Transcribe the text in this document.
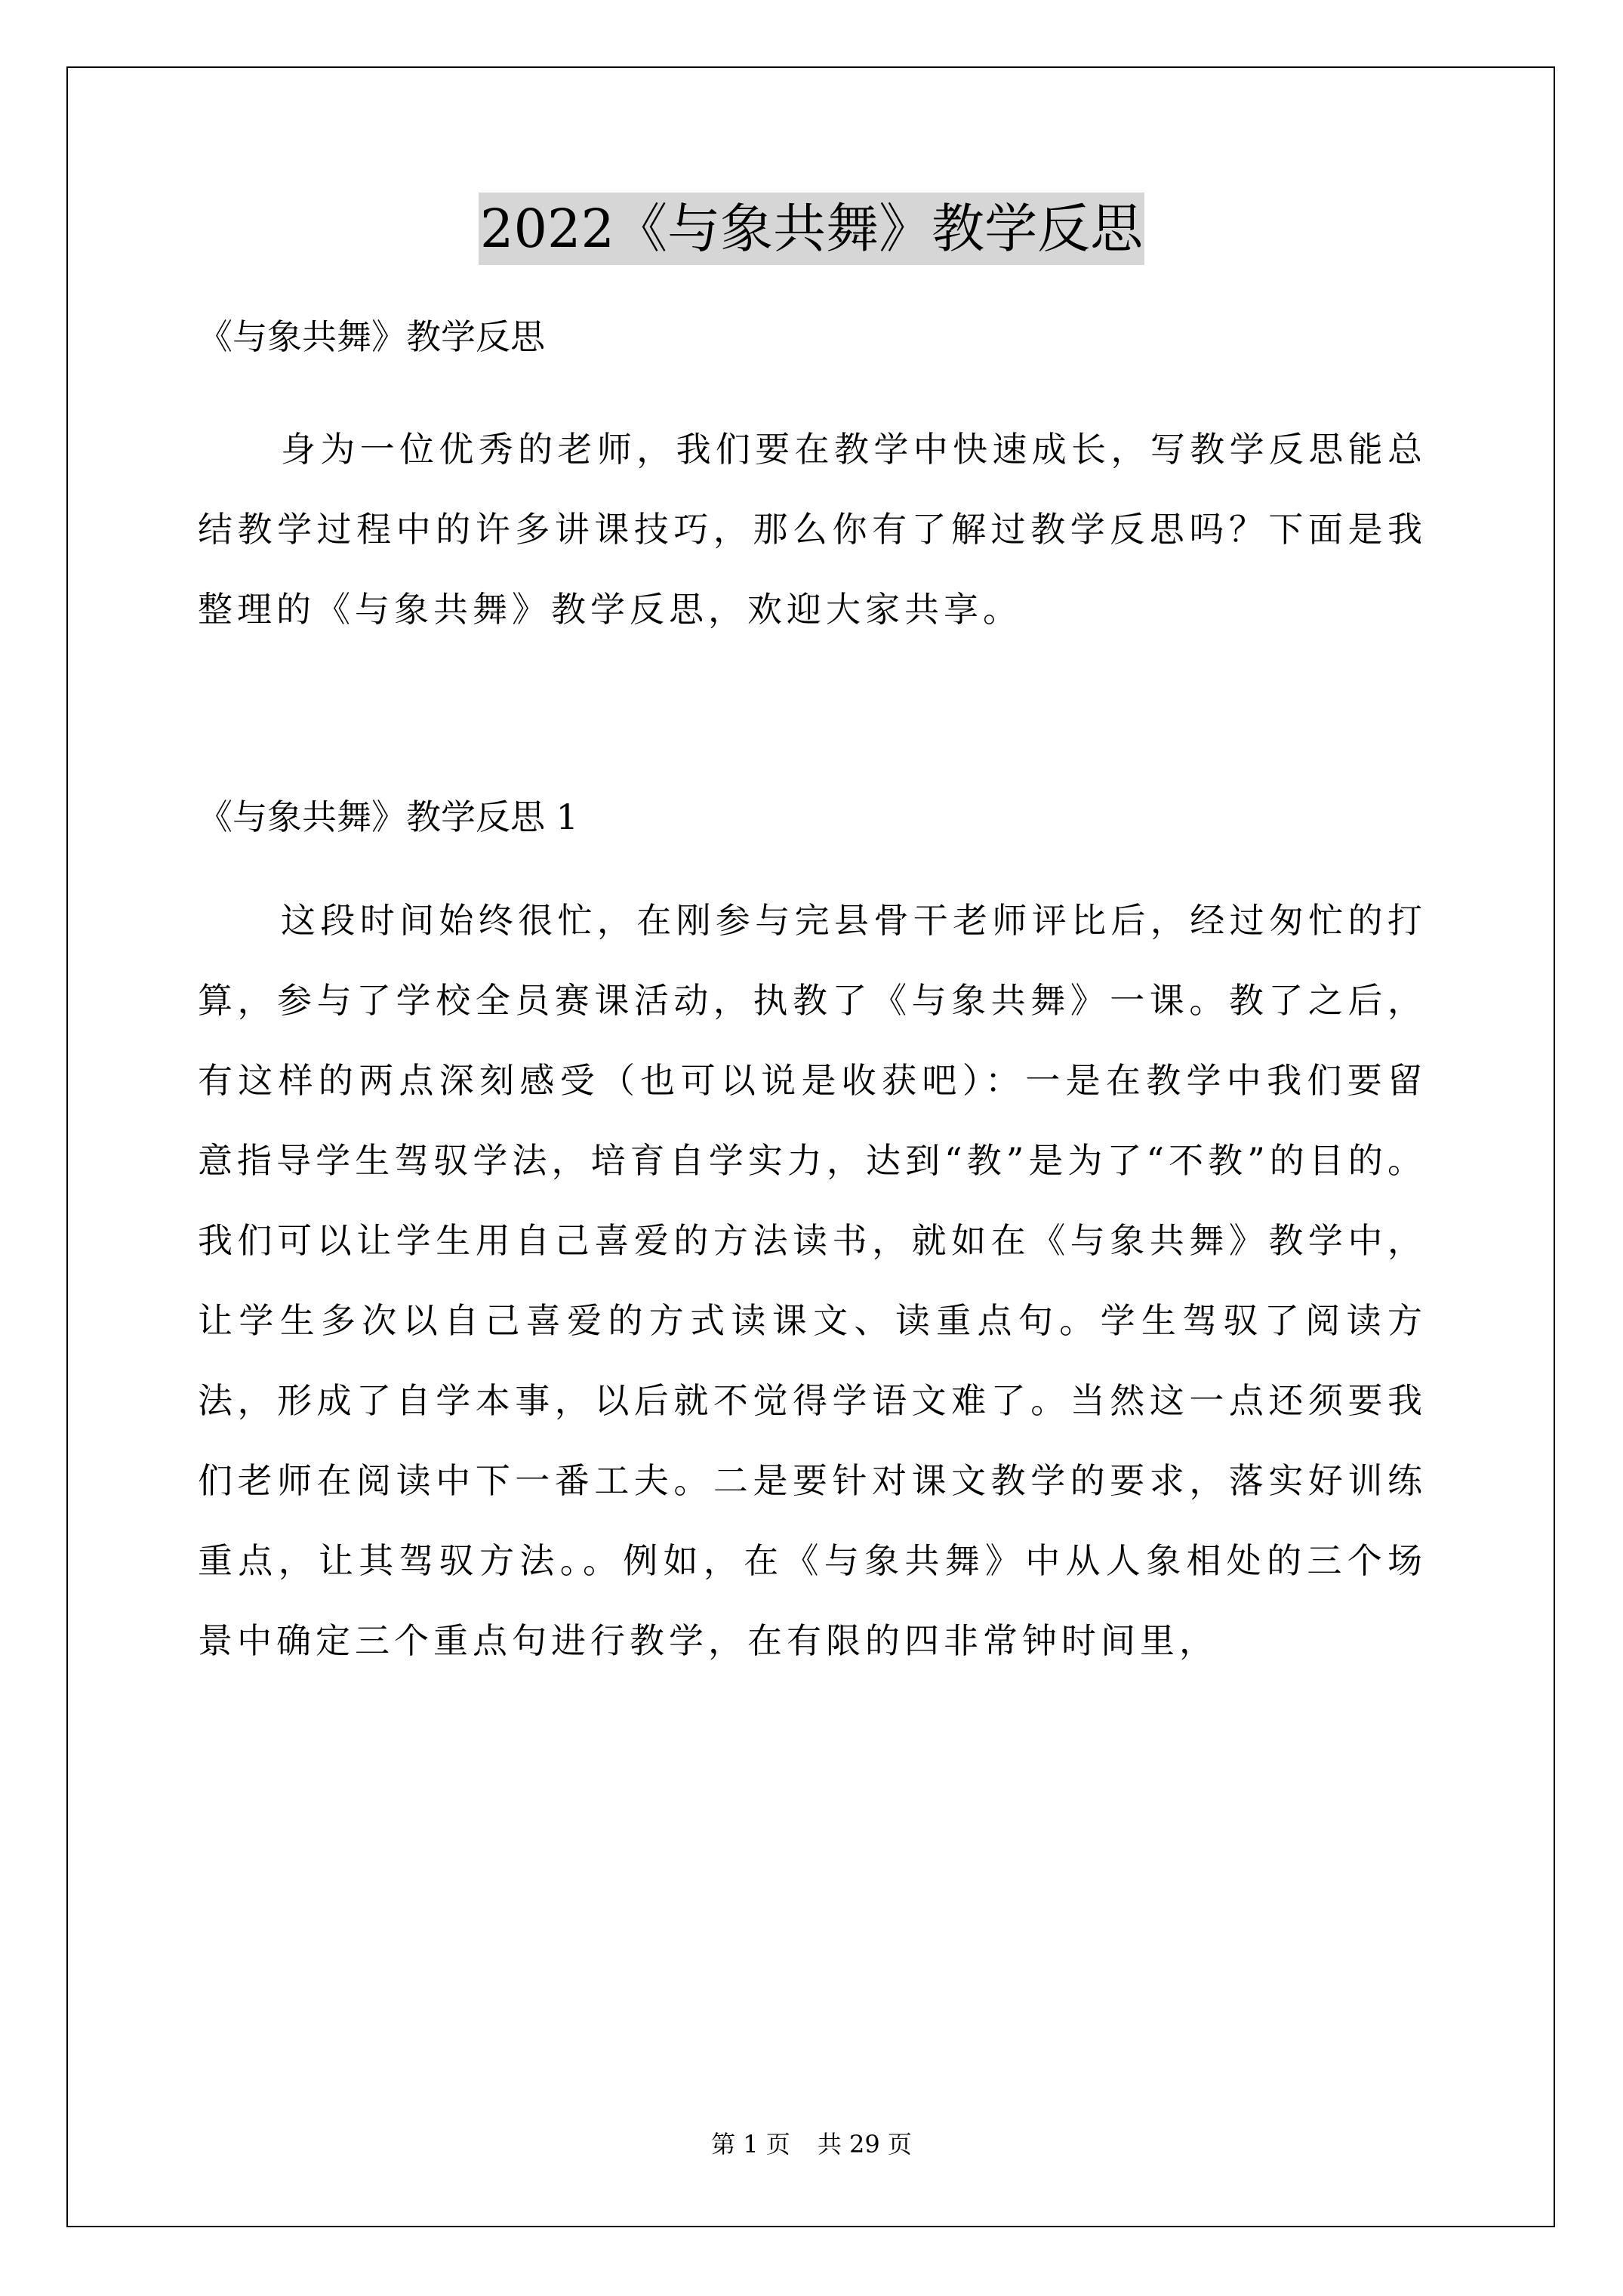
2022《与象共舞》教学反思

《与象共舞》教学反思

身为一位优秀的老师，我们要在教学中快速成长，写教学反思能总结教学过程中的许多讲课技巧，那么你有了解过教学反思吗？下面是我整理的《与象共舞》教学反思，欢迎大家共享。

《与象共舞》教学反思 1

这段时间始终很忙，在刚参与完县骨干老师评比后，经过匆忙的打算，参与了学校全员赛课活动，执教了《与象共舞》一课。教了之后，有这样的两点深刻感受（也可以说是收获吧）：一是在教学中我们要留意指导学生驾驭学法，培育自学实力，达到“教”是为了“不教”的目的。我们可以让学生用自己喜爱的方法读书，就如在《与象共舞》教学中，让学生多次以自己喜爱的方式读课文、读重点句。学生驾驭了阅读方法，形成了自学本事，以后就不觉得学语文难了。当然这一点还须要我们老师在阅读中下一番工夫。二是要针对课文教学的要求，落实好训练重点，让其驾驭方法。。例如，在《与象共舞》中从人象相处的三个场景中确定三个重点句进行教学，在有限的四非常钟时间里，

第 1 页 共 29 页
